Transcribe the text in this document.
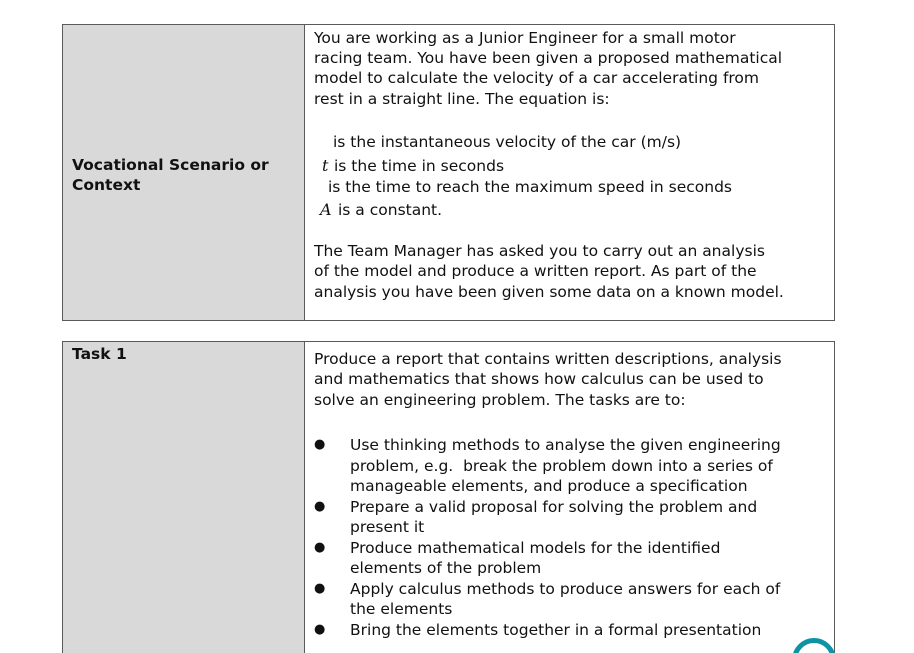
Vocational Scenario or
Context
You are working as a Junior Engineer for a small motor
racing team. You have been given a proposed mathematical
model to calculate the velocity of a car accelerating from
rest in a straight line. The equation is:
is the instantaneous velocity of the car (m/s)
t is the time in seconds
is the time to reach the maximum speed in seconds
A is a constant.
The Team Manager has asked you to carry out an analysis
of the model and produce a written report. As part of the
analysis you have been given some data on a known model.
Task 1	Produce a report that contains written descriptions, analysis
and mathematics that shows how calculus can be used to
solve an engineering problem. The tasks are to:
● Use thinking methods to analyse the given engineering
problem, e.g.  break the problem down into a series of
manageable elements, and produce a specification
● Prepare a valid proposal for solving the problem and
present it
● Produce mathematical models for the identified
elements of the problem
● Apply calculus methods to produce answers for each of
the elements
● Bring the elements together in a formal presentation
